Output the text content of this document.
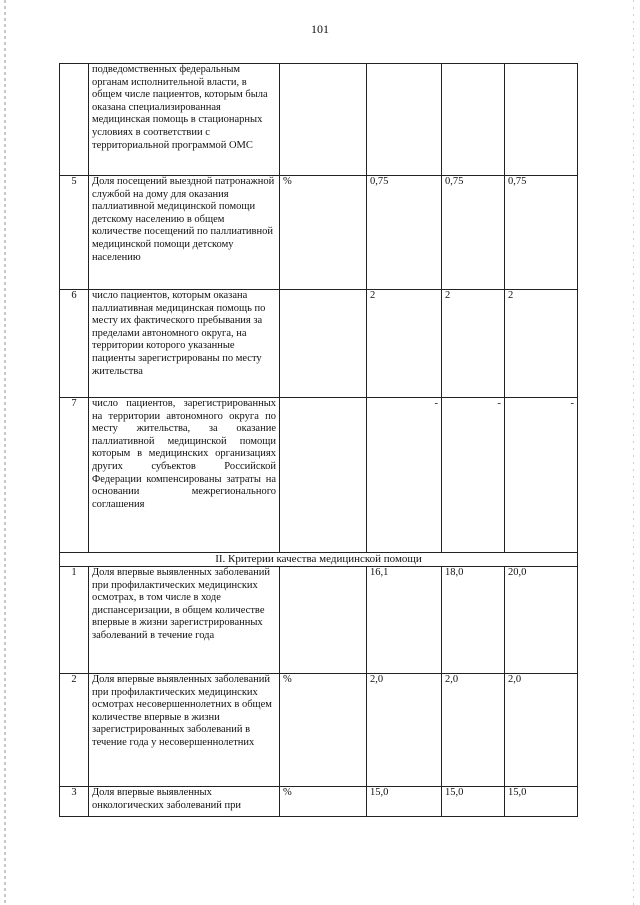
101
	подведомственных федеральным органам исполнительной власти, в общем числе пациентов, которым была оказана специализированная медицинская помощь в стационарных условиях в соответствии с территориальной программой ОМС				
5	Доля посещений выездной патронажной службой на дому для оказания паллиативной медицинской помощи детскому населению в общем количестве посещений по паллиативной медицинской помощи детскому населению	%	0,75	0,75	0,75
6	число пациентов, которым оказана паллиативная медицинская помощь по месту их фактического пребывания за пределами автономного округа, на территории которого указанные пациенты зарегистрированы по месту жительства		2	2	2
7	число пациентов, зарегистрированных на территории автономного округа по месту жительства, за оказание паллиативной медицинской помощи которым в медицинских организациях других субъектов Российской Федерации компенсированы затраты на основании межрегионального соглашения		-	-	-
II. Критерии качества медицинской помощи					
1	Доля впервые выявленных заболеваний при профилактических медицинских осмотрах, в том числе в ходе диспансеризации, в общем количестве впервые в жизни зарегистрированных заболеваний в течение года		16,1	18,0	20,0
2	Доля впервые выявленных заболеваний при профилактических медицинских осмотрах несовершеннолетних в общем количестве впервые в жизни зарегистрированных заболеваний в течение года у несовершеннолетних	%	2,0	2,0	2,0
3	Доля впервые выявленных онкологических заболеваний при	%	15,0	15,0	15,0
